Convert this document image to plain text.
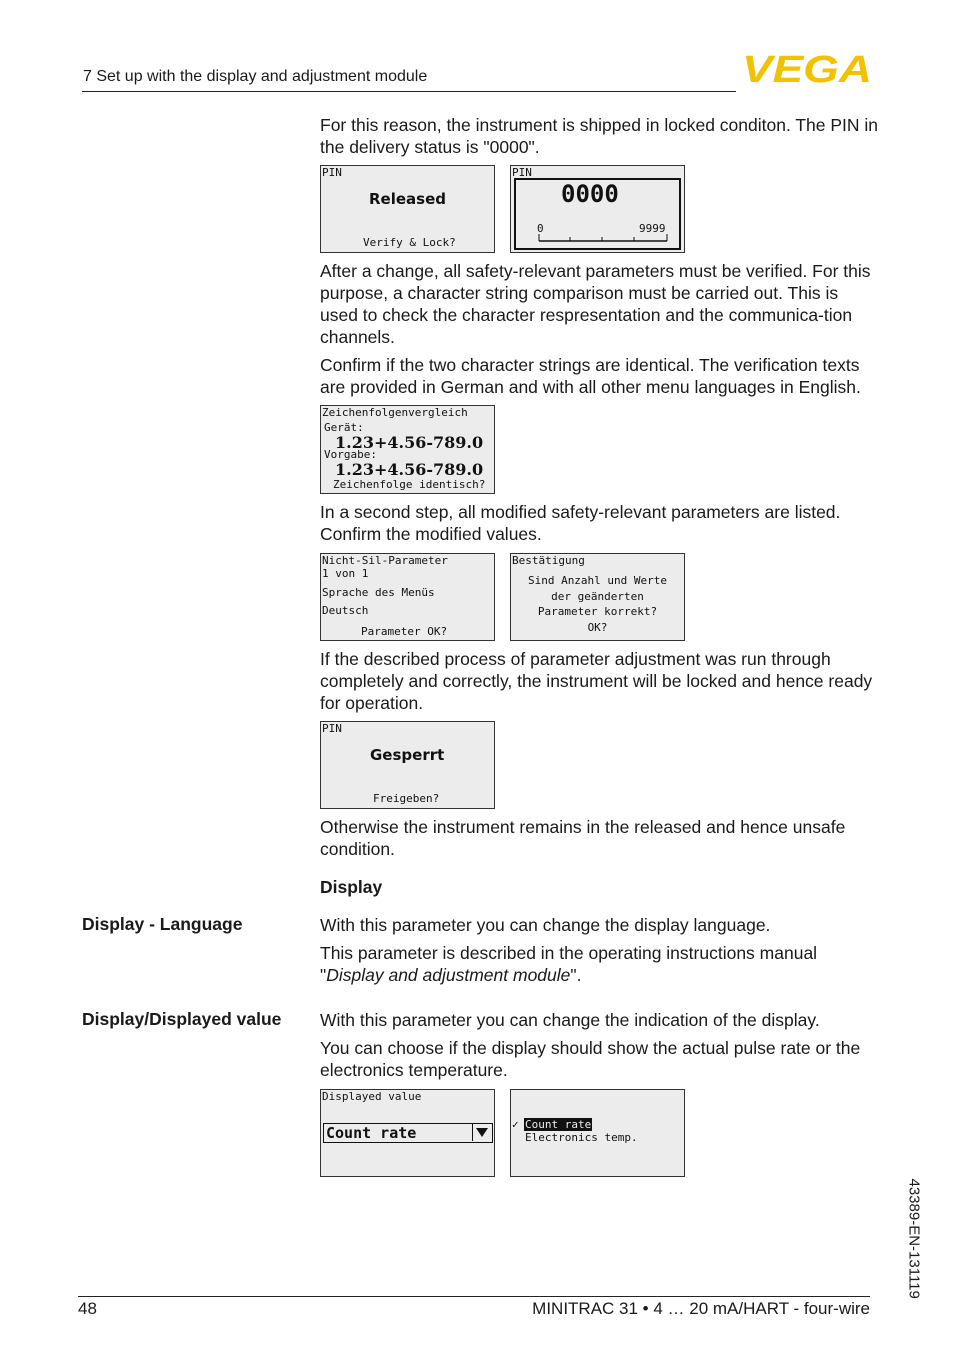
7 Set up with the display and adjustment module	VEGA

For this reason, the instrument is shipped in locked conditon. The PIN in the delivery status is "0000".

PIN
Released
Verify & Lock?
PIN
0000
0	9999

After a change, all safety-relevant parameters must be verified. For this purpose, a character string comparison must be carried out. This is used to check the character respresentation and the communica-tion channels.

Confirm if the two character strings are identical. The verification texts are provided in German and with all other menu languages in English.

Zeichenfolgenvergleich
Gerät:
1.23+4.56-789.0
Vorgabe:
1.23+4.56-789.0
Zeichenfolge identisch?

In a second step, all modified safety-relevant parameters are listed. Confirm the modified values.

Nicht-Sil-Parameter
1 von 1
Sprache des Menüs
Deutsch
Parameter OK?
Bestätigung
Sind Anzahl und Werte
der geänderten
Parameter korrekt?
OK?

If the described process of parameter adjustment was run through completely and correctly, the instrument will be locked and hence ready for operation.

PIN
Gesperrt
Freigeben?

Otherwise the instrument remains in the released and hence unsafe condition.

Display
Display - Language	With this parameter you can change the display language.

This parameter is described in the operating instructions manual "Display and adjustment module".

Display/Displayed value With this parameter you can change the indication of the display.

You can choose if the display should show the actual pulse rate or the electronics temperature.

Displayed value
Count rate	✓ Count rate
Electronics temp.
43389-EN-131119
48	MINITRAC 31 • 4 … 20 mA/HART - four-wire
